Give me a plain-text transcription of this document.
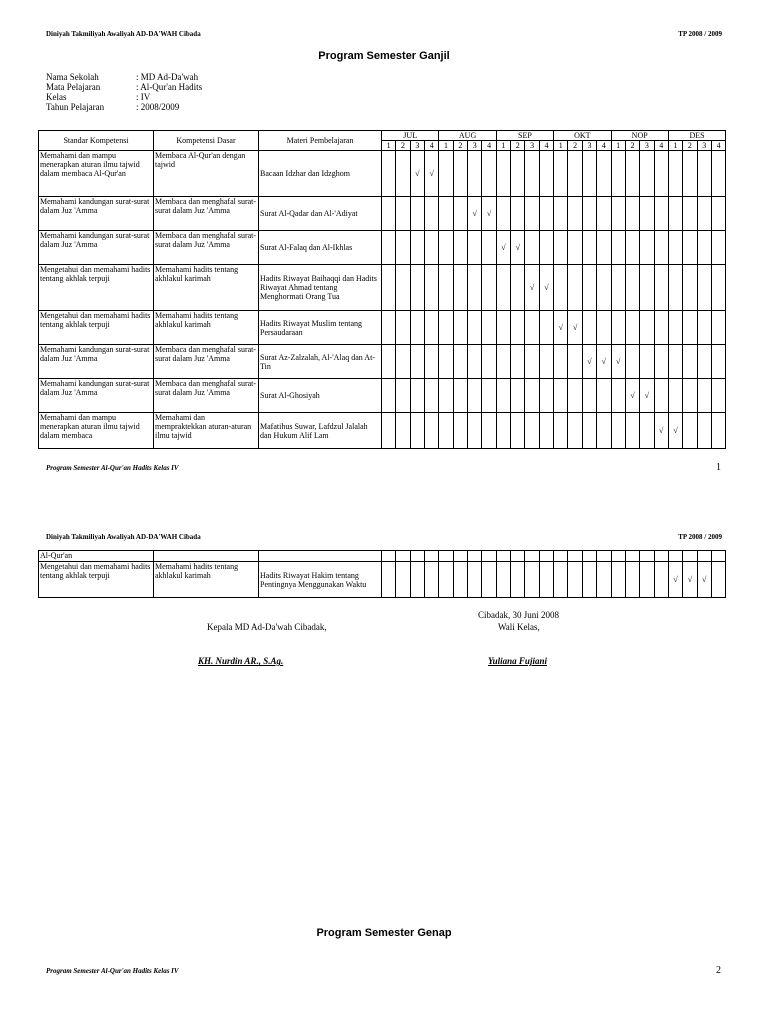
Diniyah Takmiliyah Awaliyah AD-DA'WAH Cibada	TP 2008 / 2009
Program Semester Ganjil
Nama Sekolah	: MD Ad-Da'wah
Mata Pelajaran	: Al-Qur'an Hadits
Kelas	: IV
Tahun Pelajaran	: 2008/2009
Standar Kompetensi	Kompetensi Dasar	Materi Pembelajaran	JUL				AUG				SEP				OKT				NOP				DES			
			1	2	3	4	1	2	3	4	1	2	3	4	1	2	3	4	1	2	3	4	1	2	3	4
Memahami dan mampu menerapkan aturan ilmu tajwid dalam membaca Al-Qur'an	Membaca Al-Qur'an dengan tajwid	Bacaan Idzhar dan Idzghom			√	√																				
Memahami kandungan surat-surat dalam Juz 'Amma	Membaca dan menghafal surat-surat dalam Juz 'Amma	Surat Al-Qadar dan Al-'Adiyat							√	√																
Memahami kandungan surat-surat dalam Juz 'Amma	Membaca dan menghafal surat-surat dalam Juz 'Amma	Surat Al-Falaq dan Al-Ikhlas									√	√														
Mengetahui dan memahami hadits tentang akhlak terpuji	Memahami hadits tentang akhlakul karimah	Hadits Riwayat Baihaqqi dan Hadits Riwayat Ahmad tentang Menghormati Orang Tua											√	√												
Mengetahui dan memahami hadits tentang akhlak terpuji	Memahami hadits tentang akhlakul karimah	Hadits Riwayat Muslim tentang Persaudaraan													√	√										
Memahami kandungan surat-surat dalam Juz 'Amma	Membaca dan menghafal surat-surat dalam Juz 'Amma	Surat Az-Zalzalah, Al-'Alaq dan At-Tin															√	√	√							
Memahami kandungan surat-surat dalam Juz 'Amma	Membaca dan menghafal surat-surat dalam Juz 'Amma	Surat Al-Ghosiyah																		√	√					
Memahami dan mampu menerapkan aturan ilmu tajwid dalam membaca	Memahami dan mempraktekkan aturan-aturan ilmu tajwid	Mafatihus Suwar, Lafdzul Jalalah dan Hukum Alif Lam																				√	√			
Program Semester Al-Qur'an Hadits Kelas IV	1
Diniyah Takmiliyah Awaliyah AD-DA'WAH Cibada	TP 2008 / 2009
Al-Qur'an																										
Mengetahui dan memahami hadits tentang akhlak terpuji	Memahami hadits tentang akhlakul karimah	Hadits Riwayat Hakim tentang Pentingnya Menggunakan Waktu																					√	√	√	
Cibadak, 30 Juni 2008
Kepala MD Ad-Da'wah Cibadak,	Wali Kelas,
KH. Nurdin AR., S.Ag.	Yuliana Fujiani
Program Semester Genap
Program Semester Al-Qur'an Hadits Kelas IV	2
